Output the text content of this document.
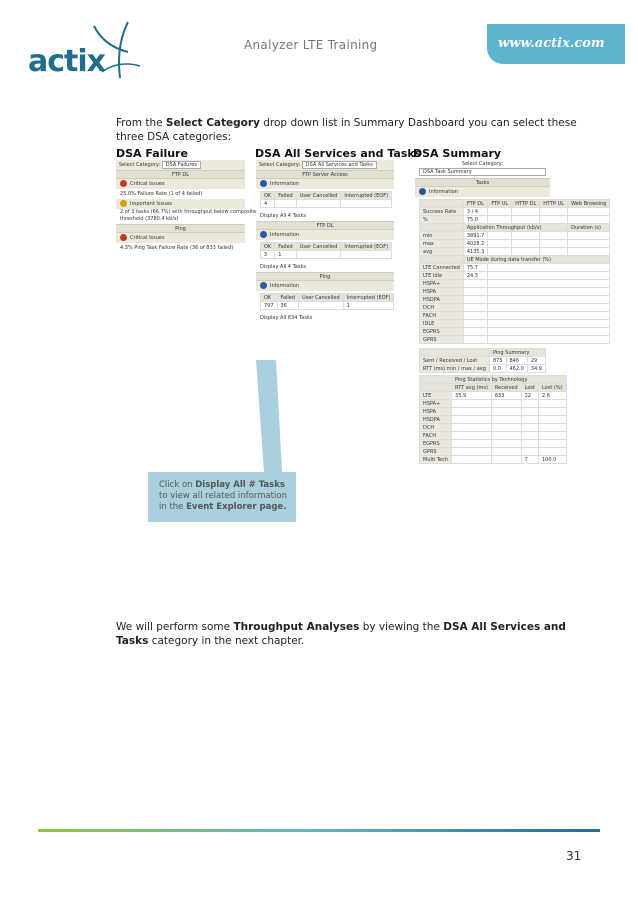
actix	Analyzer LTE Training	www.actix.com

From the Select Category drop down list in Summary Dashboard you can select these three DSA categories:

DSA Failure	DSA All Services and Tasks
DSA Summary

Click on Display All # Tasks to view all related information in the Event Explorer page.

Select Category: DSA Failures
FTP DL
Critical Issues
25.0% Failure Rate (1 of 4 failed)
Important Issues
2 of 3 tasks (66.7%) with throughput below composite
threshold (3780.4 kb/s)
Ping
Critical Issues
4.3% Ping Task Failure Rate (36 of 833 failed)
Select Category: DSA All Services and Tasks
FTP Server Access
Information
OK	Failed	User Cancelled	Interrupted (EOF)
4			
Display All 4 Tasks
FTP DL
Information
OK	Failed	User Cancelled	Interrupted (EOF)
3	1		
Display All 4 Tasks
Ping
Information
OK	Failed	User Cancelled	Interrupted (EOF)
797	36		1
Display All 834 Tasks
Select Category:
DSA Task Summary
Tasks
Information
	FTP DL	FTP UL	HTTP DL	HTTP UL	Web Browsing
Success Rate	3 / 4				
%	75.0				
	Application Throughput (kb/s)				Duration (s)
min	3891.7				
max	4028.2				
avg	4135.3				
	UE Mode during data transfer (%)				
LTE Connected	75.7				
LTE Idle	24.3				
HSPA+					
HSPA					
HSDPA					
DCH					
FACH					
IDLE					
EGPRS					
GPRS					
	Ping Summary		
Sent / Received / Lost	875	846	29
RTT (ms) min / max / avg	0.0	462.0	34.9
	Ping Statistics by Technology			
	RTT avg (ms)	Received	Lost	Lost (%)
LTE	35.9	833	22	2.6
HSPA+				
HSPA				
HSDPA				
DCH				
FACH				
EGPRS				
GPRS				
Multi Tech			7	100.0

We will perform some Throughput Analyses by viewing the DSA All Services and Tasks category in the next chapter.

31
